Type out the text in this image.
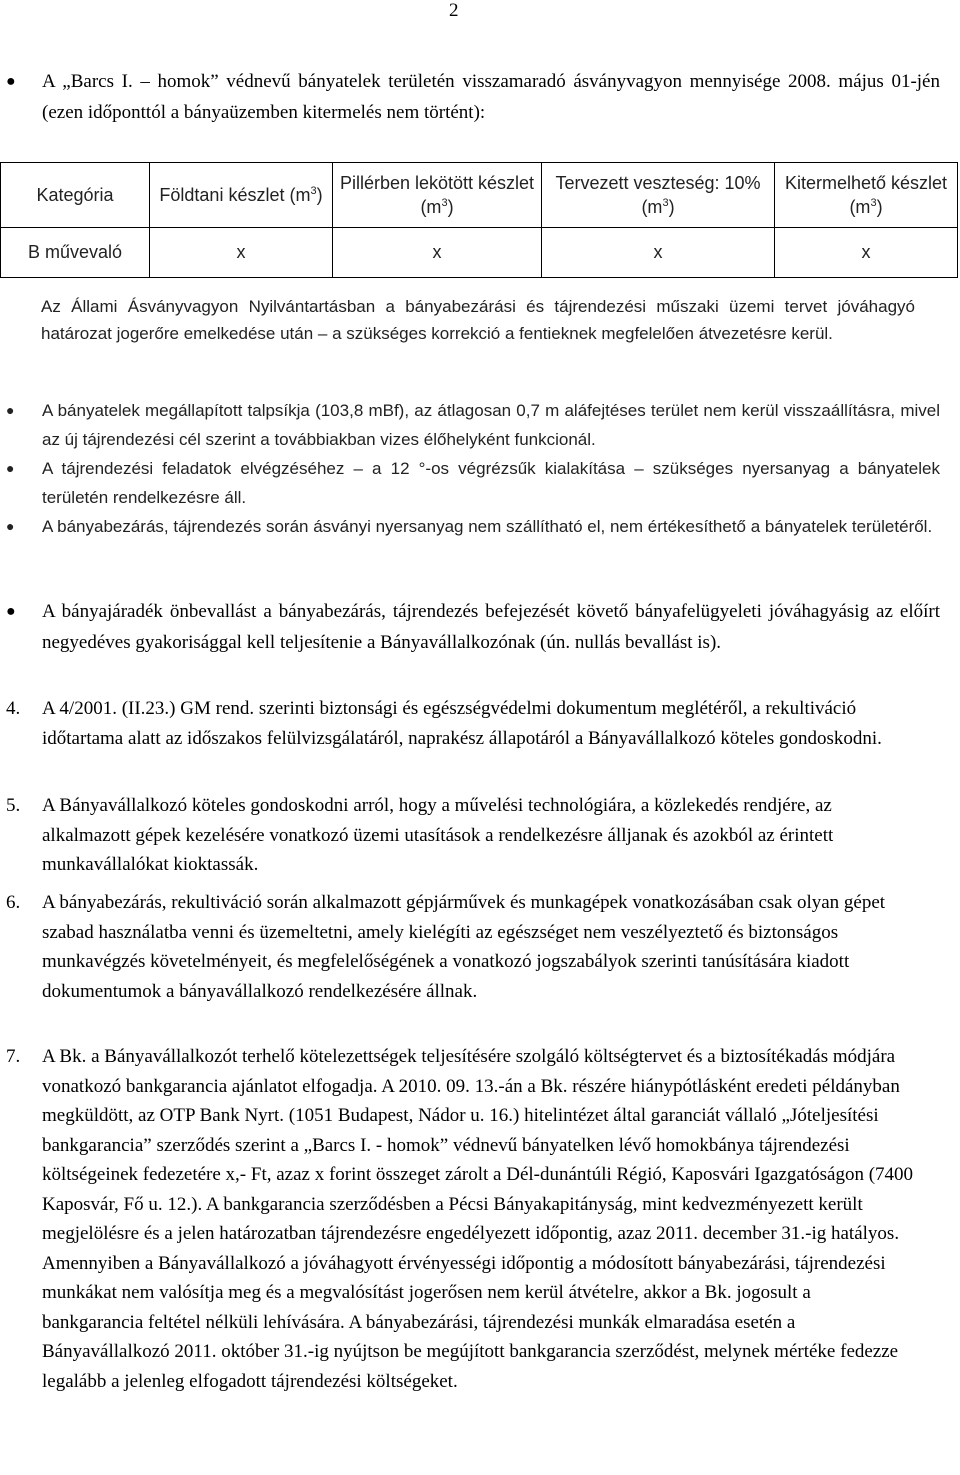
2
●	A „Barcs I. – homok” védnevű bányatelek területén visszamaradó ásványvagyon mennyisége 2008. május 01-jén (ezen időponttól a bányaüzemben kitermelés nem történt):
Kategória	Földtani készlet $(m^3)$	Pillérben lekötött készlet $(m^3)$	Tervezett veszteség: 10% $(m^3)$	Kitermelhető készlet $(m^3)$
B művevaló	x	x	x	x
Az Állami Ásványvagyon Nyilvántartásban a bányabezárási és tájrendezési műszaki üzemi tervet jóváhagyó határozat jogerőre emelkedése után – a szükséges korrekció a fentieknek megfelelően átvezetésre kerül.
●	A bányatelek megállapított talpsíkja (103,8 mBf), az átlagosan 0,7 m aláfejtéses terület nem kerül visszaállításra, mivel az új tájrendezési cél szerint a továbbiakban vizes élőhelyként funkcionál.
●	A tájrendezési feladatok elvégzéséhez – a 12 °-os végrézsűk kialakítása – szükséges nyersanyag a bányatelek területén rendelkezésre áll.
●	A bányabezárás, tájrendezés során ásványi nyersanyag nem szállítható el, nem értékesíthető a bányatelek területéről.
●	A bányajáradék önbevallást a bányabezárás, tájrendezés befejezését követő bányafelügyeleti jóváhagyásig az előírt negyedéves gyakorisággal kell teljesítenie a Bányavállalkozónak (ún. nullás bevallást is).
4. A 4/2001. (II.23.) GM rend. szerinti biztonsági és egészségvédelmi dokumentum meglétéről, a rekultiváció időtartama alatt az időszakos felülvizsgálatáról, naprakész állapotáról a Bányavállalkozó köteles gondoskodni.
5. A Bányavállalkozó köteles gondoskodni arról, hogy a művelési technológiára, a közlekedés rendjére, az alkalmazott gépek kezelésére vonatkozó üzemi utasítások a rendelkezésre álljanak és azokból az érintett munkavállalókat kioktassák.
6. A bányabezárás, rekultiváció során alkalmazott gépjárművek és munkagépek vonatkozásában csak olyan gépet szabad használatba venni és üzemeltetni, amely kielégíti az egészséget nem veszélyeztető és biztonságos munkavégzés követelményeit, és megfelelőségének a vonatkozó jogszabályok szerinti tanúsítására kiadott dokumentumok a bányavállalkozó rendelkezésére állnak.
7. A Bk. a Bányavállalkozót terhelő kötelezettségek teljesítésére szolgáló költségtervet és a biztosítékadás módjára vonatkozó bankgarancia ajánlatot elfogadja. A 2010. 09. 13.-án a Bk. részére hiánypótlásként eredeti példányban megküldött, az OTP Bank Nyrt. (1051 Budapest, Nádor u. 16.) hitelintézet által garanciát vállaló „Jóteljesítési bankgarancia” szerződés szerint a „Barcs I. - homok” védnevű bányatelken lévő homokbánya tájrendezési költségeinek fedezetére x,- Ft, azaz x forint összeget zárolt a Dél-dunántúli Régió, Kaposvári Igazgatóságon (7400 Kaposvár, Fő u. 12.). A bankgarancia szerződésben a Pécsi Bányakapitányság, mint kedvezményezett került megjelölésre és a jelen határozatban tájrendezésre engedélyezett időpontig, azaz 2011. december 31.-ig hatályos. Amennyiben a Bányavállalkozó a jóváhagyott érvényességi időpontig a módosított bányabezárási, tájrendezési munkákat nem valósítja meg és a megvalósítást jogerősen nem kerül átvételre, akkor a Bk. jogosult a bankgarancia feltétel nélküli lehívására. A bányabezárási, tájrendezési munkák elmaradása esetén a Bányavállalkozó 2011. október 31.-ig nyújtson be megújított bankgarancia szerződést, melynek mértéke fedezze legalább a jelenleg elfogadott tájrendezési költségeket.
